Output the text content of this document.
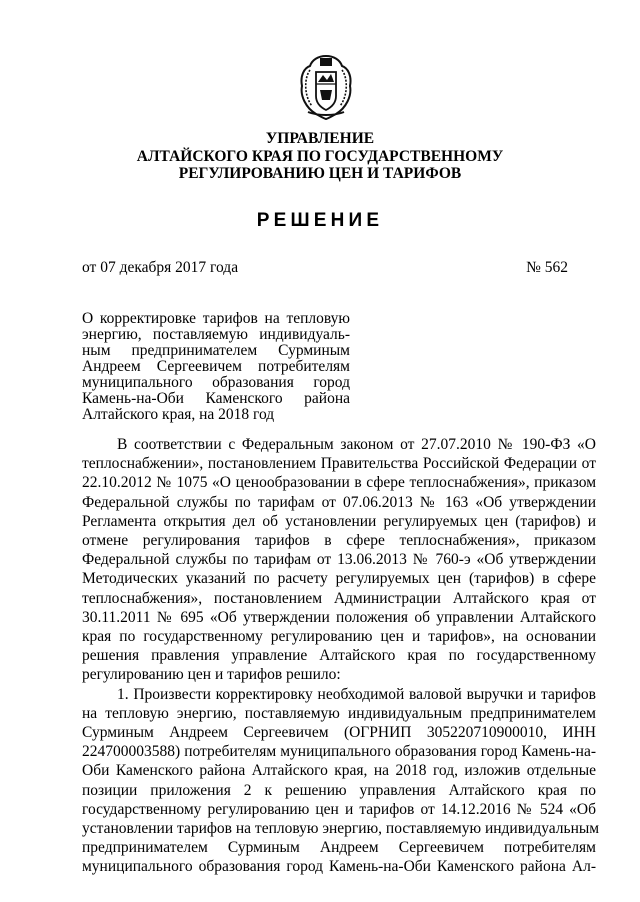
УПРАВЛЕНИЕ
АЛТАЙСКОГО КРАЯ ПО ГОСУДАРСТВЕННОМУ
РЕГУЛИРОВАНИЮ ЦЕН И ТАРИФОВ
РЕШЕНИЕ
от 07 декабря 2017 года	№ 562
О корректировке тарифов на тепловую
энергию, поставляемую индивидуаль-
ным предпринимателем Сурминым
Андреем Сергеевичем потребителям
муниципального образования город
Камень-на-Оби Каменского района
Алтайского края, на 2018 год
В соответствии с Федеральным законом от 27.07.2010 № 190-ФЗ «О
теплоснабжении», постановлением Правительства Российской Федерации от
22.10.2012 № 1075 «О ценообразовании в сфере теплоснабжения», приказом
Федеральной службы по тарифам от 07.06.2013 № 163 «Об утверждении
Регламента открытия дел об установлении регулируемых цен (тарифов) и
отмене регулирования тарифов в сфере теплоснабжения», приказом
Федеральной службы по тарифам от 13.06.2013 № 760-э «Об утверждении
Методических указаний по расчету регулируемых цен (тарифов) в сфере
теплоснабжения», постановлением Администрации Алтайского края от
30.11.2011 № 695 «Об утверждении положения об управлении Алтайского
края по государственному регулированию цен и тарифов», на основании
решения правления управление Алтайского края по государственному
регулированию цен и тарифов решило:
1. Произвести корректировку необходимой валовой выручки и тарифов
на тепловую энергию, поставляемую индивидуальным предпринимателем
Сурминым Андреем Сергеевичем (ОГРНИП 305220710900010, ИНН
224700003588) потребителям муниципального образования город Камень-на-
Оби Каменского района Алтайского края, на 2018 год, изложив отдельные
позиции приложения 2 к решению управления Алтайского края по
государственному регулированию цен и тарифов от 14.12.2016 № 524 «Об
установлении тарифов на тепловую энергию, поставляемую индивидуальным
предпринимателем Сурминым Андреем Сергеевичем потребителям
муниципального образования город Камень-на-Оби Каменского района Ал-
